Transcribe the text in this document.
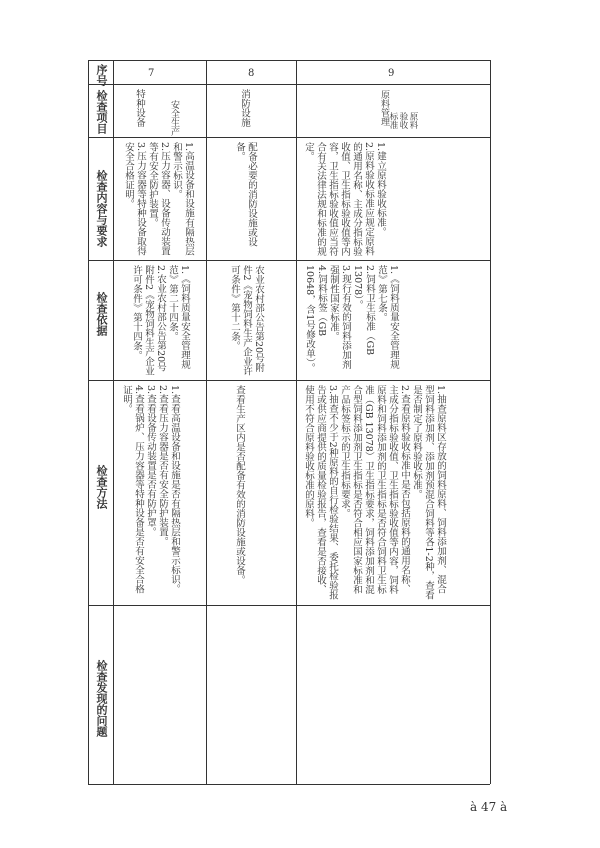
序号
检查项目
检查内容与要求
检查依据
检查方法
检查发现的问题
安全生产
7
特种设备
1.高温设备和设施有隔热层和警示标识。
2.压力容器、设备传动装置等有安全防护装置。
3.压力容器等特种设备取得安全合格证明。
1.《饲料质量安全管理规范》第二十四条。
2.农业农村部公告第20号附件2《宠物饲料生产企业许可条件》第十四条。
1.查看高温设备和设施是否有隔热层和警示标识。
2.查看压力容器是否有安全防护装置。
3.查看设备传动装置是否有防护罩。
4.查看锅炉、压力容器等特种设备是否有安全合格证明。
8
消防设施
配备必要的消防设施或设备。
农业农村部公告第20号附件2《宠物饲料生产企业许可条件》第十二条。
查看生产区内是否配备有效的消防设施或设备。
9
原料管理	原料验收标准
1.建立原料验收标准。
2.原料验收标准应规定原料的通用名称、主成分指标验收值、卫生指标验收值等内容，卫生指标验收值应当符合有关法律法规和标准的规定。
1.《饲料质量安全管理规范》第七条。
2.饲料卫生标准（GB 13078）。
3.现行有效的饲料添加剂强制性国家标准。
4.饲料标签（GB 10648，含1号修改单）。
1.抽查原料区存放的饲料原料、饲料添加剂、混合型饲料添加剂、添加剂预混合饲料等各1-2种，查看是否制定了原料验收标准。
2.查看原料验收标准中是否包括原料的通用名称、主成分指标验收值、卫生指标验收值等内容，饲料原料和饲料添加剂的卫生指标是否符合饲料卫生标准（GB 13078）卫生指标要求，饲料添加剂和混合型饲料添加剂卫生指标是否符合相应国家标准和产品标签标示的卫生指标要求。
3.抽查不少于2种原料的自行检验结果、委托检验报告或供应商提供的质量检验报告，查看是否接收、使用不符合原料验收标准的原料。
à 47 à
